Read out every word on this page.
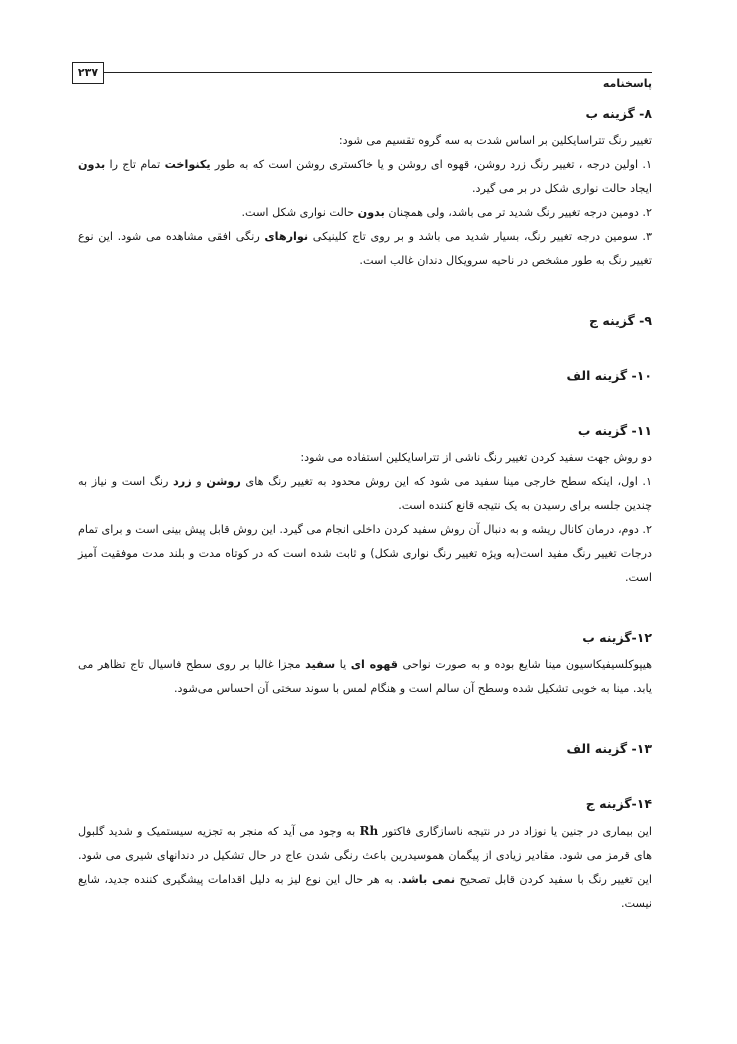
۲۳۷
پاسخنامه

۸- گزینه ب

تغییر رنگ تتراسایکلین بر اساس شدت به سه گروه تقسیم می شود:

۱. اولین درجه ، تغییر رنگ زرد روشن، قهوه ای روشن و یا خاکستری روشن است که به طور یکنواخت تمام تاج را بدون ایجاد حالت نواری شکل در بر می گیرد.

۲. دومین درجه تغییر رنگ شدید تر می باشد، ولی همچنان بدون حالت نواری شکل است.

۳. سومین درجه تغییر رنگ، بسیار شدید می باشد و بر روی تاج کلینیکی نوارهای رنگی افقی مشاهده می شود. این نوع تغییر رنگ به طور مشخص در ناحیه سرویکال دندان غالب است.

۹- گزینه ج

۱۰- گزینه الف

۱۱- گزینه ب

دو روش جهت سفید کردن تغییر رنگ ناشی از تتراسایکلین استفاده می شود:

۱. اول، اینکه سطح خارجی مینا سفید می شود که این روش محدود به تغییر رنگ های روشن و زرد رنگ است و نیاز به چندین جلسه برای رسیدن به یک نتیجه قانع کننده است.

۲. دوم، درمان کانال ریشه و به دنبال آن روش سفید کردن داخلی انجام می گیرد. این روش قابل پیش بینی است و برای تمام درجات تغییر رنگ مفید است(به ویژه تغییر رنگ نواری شکل) و ثابت شده است که در کوتاه مدت و بلند مدت موفقیت آمیز است.

۱۲-گزینه ب

هیپوکلسیفیکاسیون مینا شایع بوده و به صورت نواحی قهوه ای یا سفید مجزا غالبا بر روی سطح فاسیال تاج تظاهر می یابد. مینا به خوبی تشکیل شده وسطح آن سالم است و هنگام لمس با سوند سختی آن احساس می‌شود.

۱۳- گزینه الف

۱۴-گزینه ج

این بیماری در جنین یا نوزاد در در نتیجه ناسازگاری فاکتور Rh به وجود می آید که منجر به تجزیه سیستمیک و شدید گلبول های قرمز می شود. مقادیر زیادی از پیگمان هموسیدرین باعث رنگی شدن عاج در حال تشکیل در دندانهای شیری می شود. این تغییر رنگ با سفید کردن قابل تصحیح نمی باشد. به هر حال این نوع لیز به دلیل اقدامات پیشگیری کننده جدید، شایع نیست.
